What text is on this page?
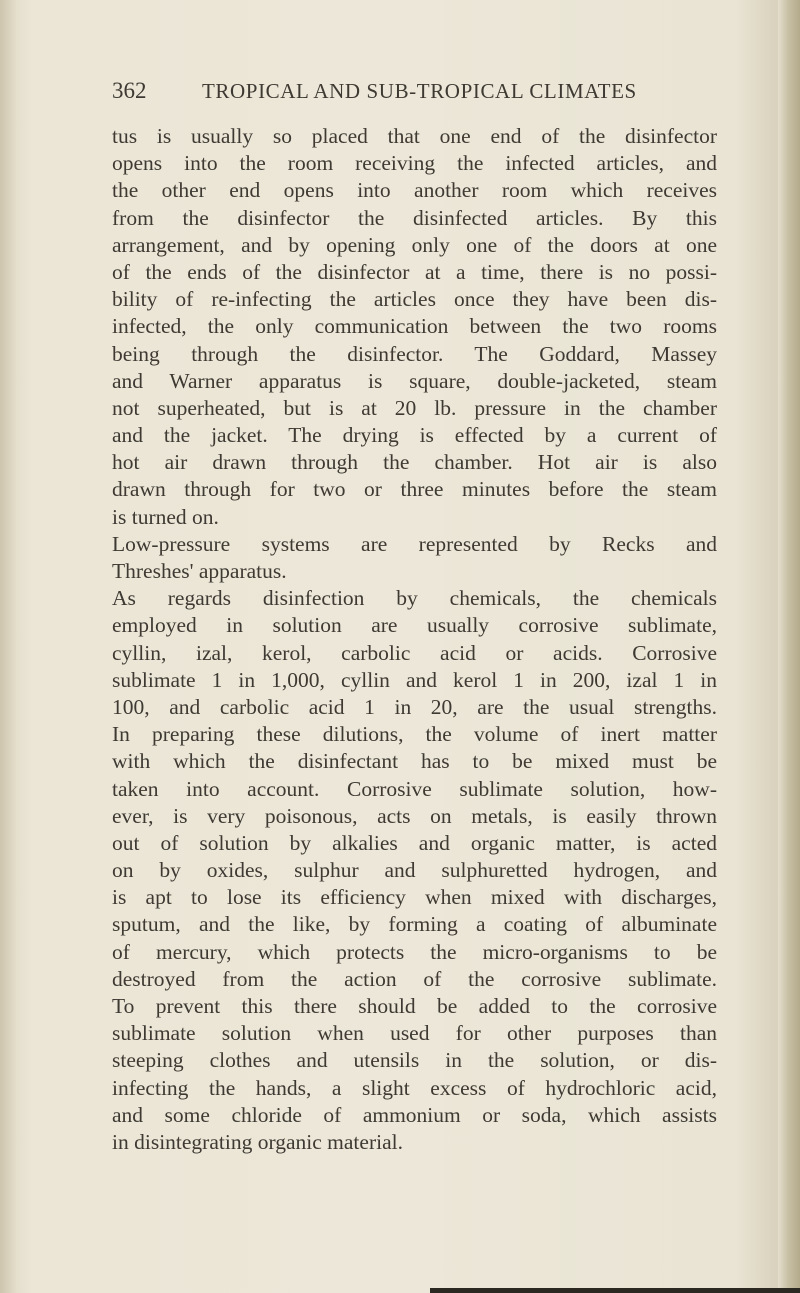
362	TROPICAL AND SUB-TROPICAL CLIMATES
tus is usually so placed that one end of the disinfector
opens into the room receiving the infected articles, and
the other end opens into another room which receives
from the disinfector the disinfected articles. By this
arrangement, and by opening only one of the doors at one
of the ends of the disinfector at a time, there is no possi-
bility of re-infecting the articles once they have been dis-
infected, the only communication between the two rooms
being through the disinfector. The Goddard, Massey
and Warner apparatus is square, double-jacketed, steam
not superheated, but is at 20 lb. pressure in the chamber
and the jacket. The drying is effected by a current of
hot air drawn through the chamber. Hot air is also
drawn through for two or three minutes before the steam
is turned on.
Low-pressure systems are represented by Recks and
Threshes' apparatus.
As regards disinfection by chemicals, the chemicals
employed in solution are usually corrosive sublimate,
cyllin, izal, kerol, carbolic acid or acids. Corrosive
sublimate 1 in 1,000, cyllin and kerol 1 in 200, izal 1 in
100, and carbolic acid 1 in 20, are the usual strengths.
In preparing these dilutions, the volume of inert matter
with which the disinfectant has to be mixed must be
taken into account. Corrosive sublimate solution, how-
ever, is very poisonous, acts on metals, is easily thrown
out of solution by alkalies and organic matter, is acted
on by oxides, sulphur and sulphuretted hydrogen, and
is apt to lose its efficiency when mixed with discharges,
sputum, and the like, by forming a coating of albuminate
of mercury, which protects the micro-organisms to be
destroyed from the action of the corrosive sublimate.
To prevent this there should be added to the corrosive
sublimate solution when used for other purposes than
steeping clothes and utensils in the solution, or dis-
infecting the hands, a slight excess of hydrochloric acid,
and some chloride of ammonium or soda, which assists
in disintegrating organic material.
